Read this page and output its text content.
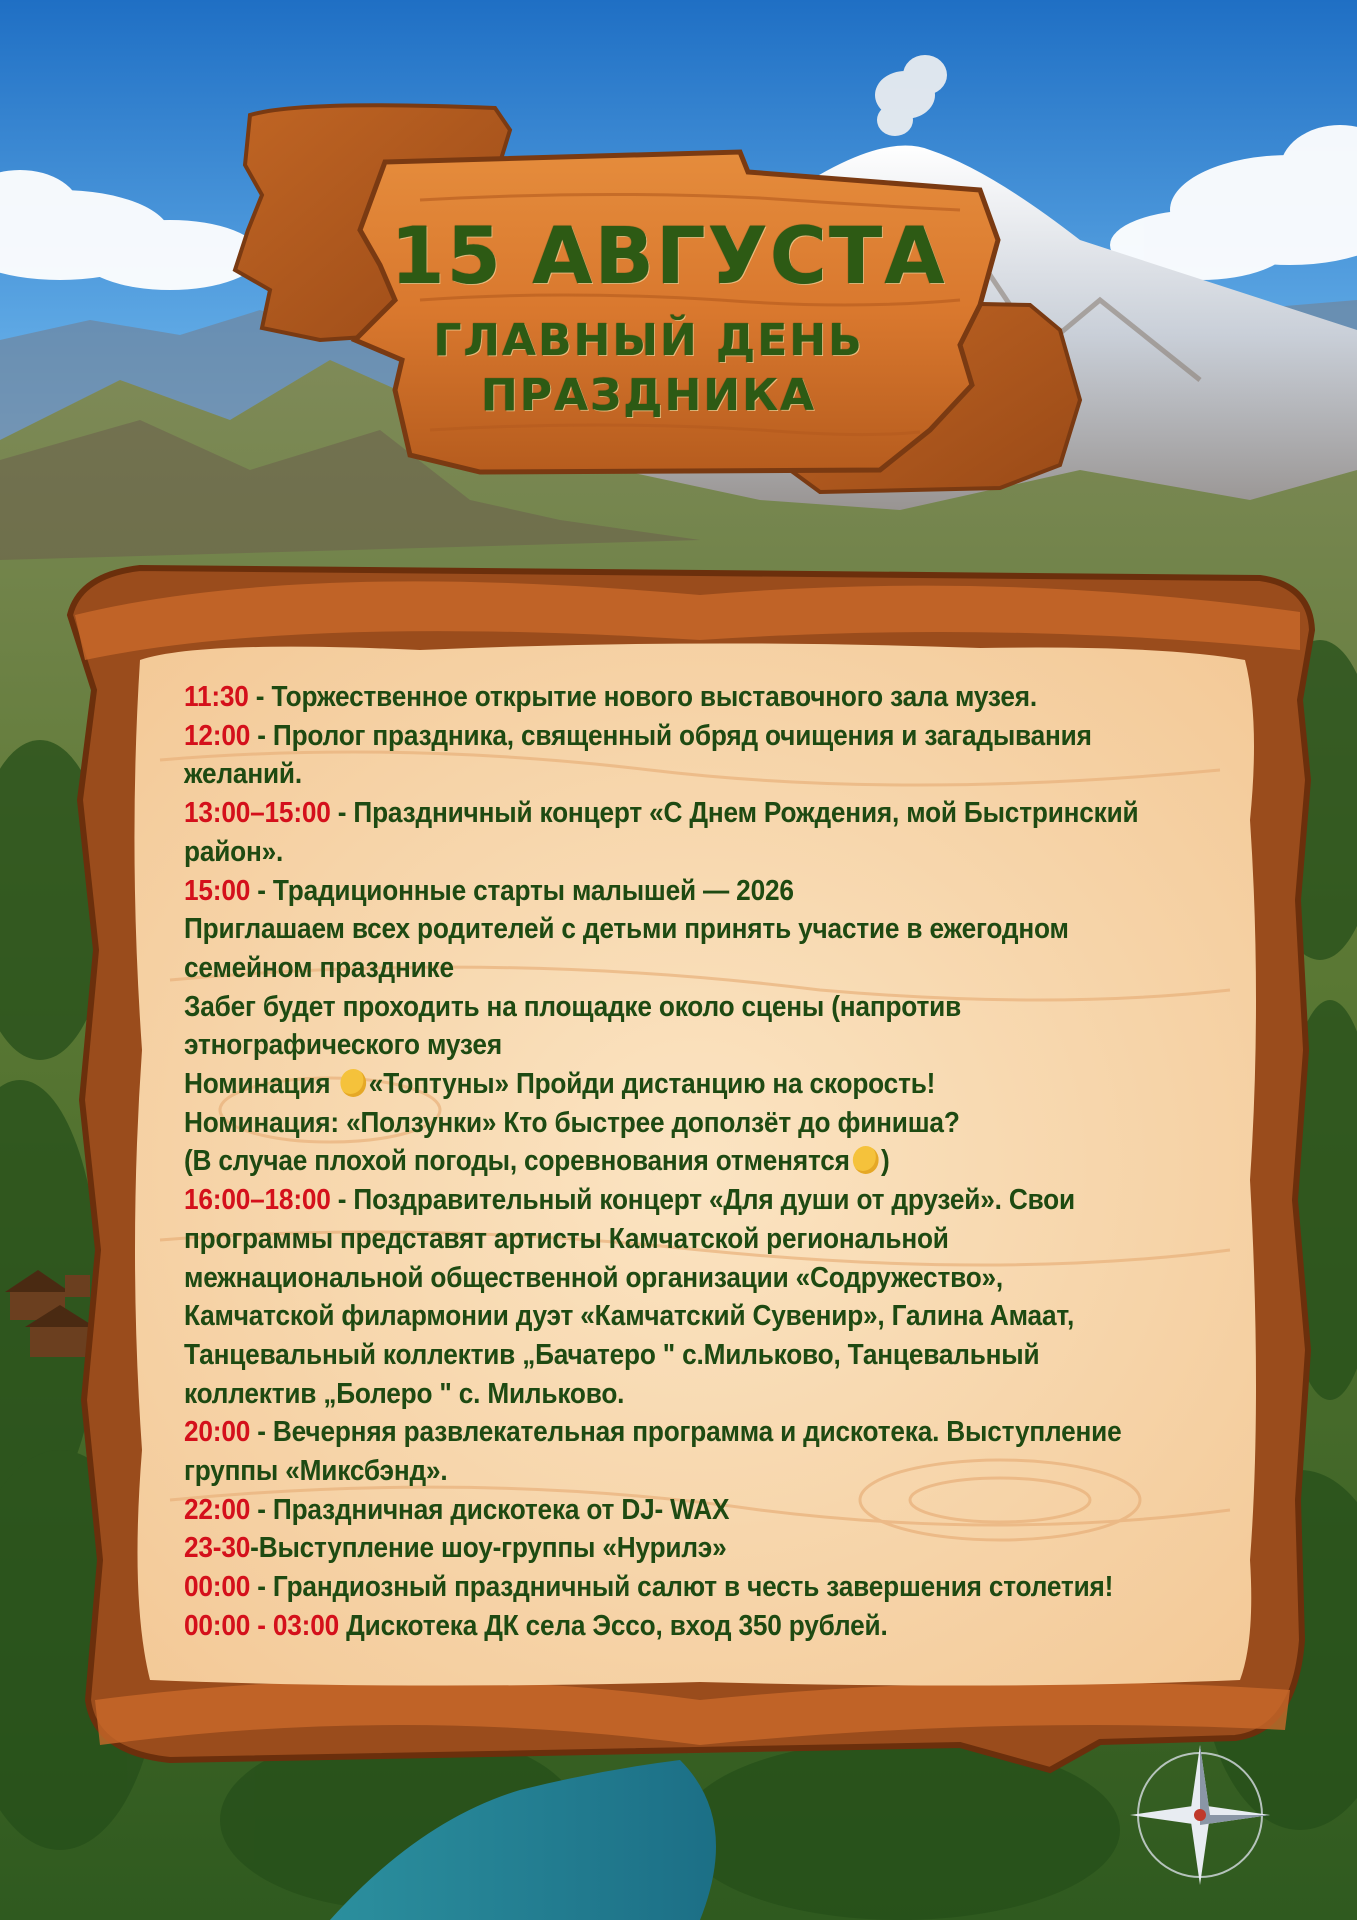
15 АВГУСТА
ГЛАВНЫЙ ДЕНЬ
ПРАЗДНИКА
11:30 - Торжественное открытие нового выставочного зала музея.
12:00 - Пролог праздника, священный обряд очищения и загадывания
желаний.
13:00–15:00 - Праздничный концерт «С Днем Рождения, мой Быстринский
район».
15:00 - Традиционные старты малышей — 2026
Приглашаем всех родителей с детьми принять участие в ежегодном
семейном празднике
Забег будет проходить на площадке около сцены (напротив
этнографического музея
Номинация «Топтуны» Пройди дистанцию на скорость!
Номинация: «Ползунки» Кто быстрее доползёт до финиша?
(В случае плохой погоды, соревнования отменятся )
16:00–18:00 - Поздравительный концерт «Для души от друзей». Свои
программы представят артисты Камчатской региональной
межнациональной общественной организации «Содружество»,
Камчатской филармонии дуэт «Камчатский Сувенир», Галина Амаат,
Танцевальный коллектив „Бачатеро " с.Мильково, Танцевальный
коллектив „Болеро " с. Мильково.
20:00 - Вечерняя развлекательная программа и дискотека. Выступление
группы «Миксбэнд».
22:00 - Праздничная дискотека от DJ- WAX
23-30-Выступление шоу-группы «Нурилэ»
00:00 - Грандиозный праздничный салют в честь завершения столетия!
00:00 - 03:00 Дискотека ДК села Эссо, вход 350 рублей.
